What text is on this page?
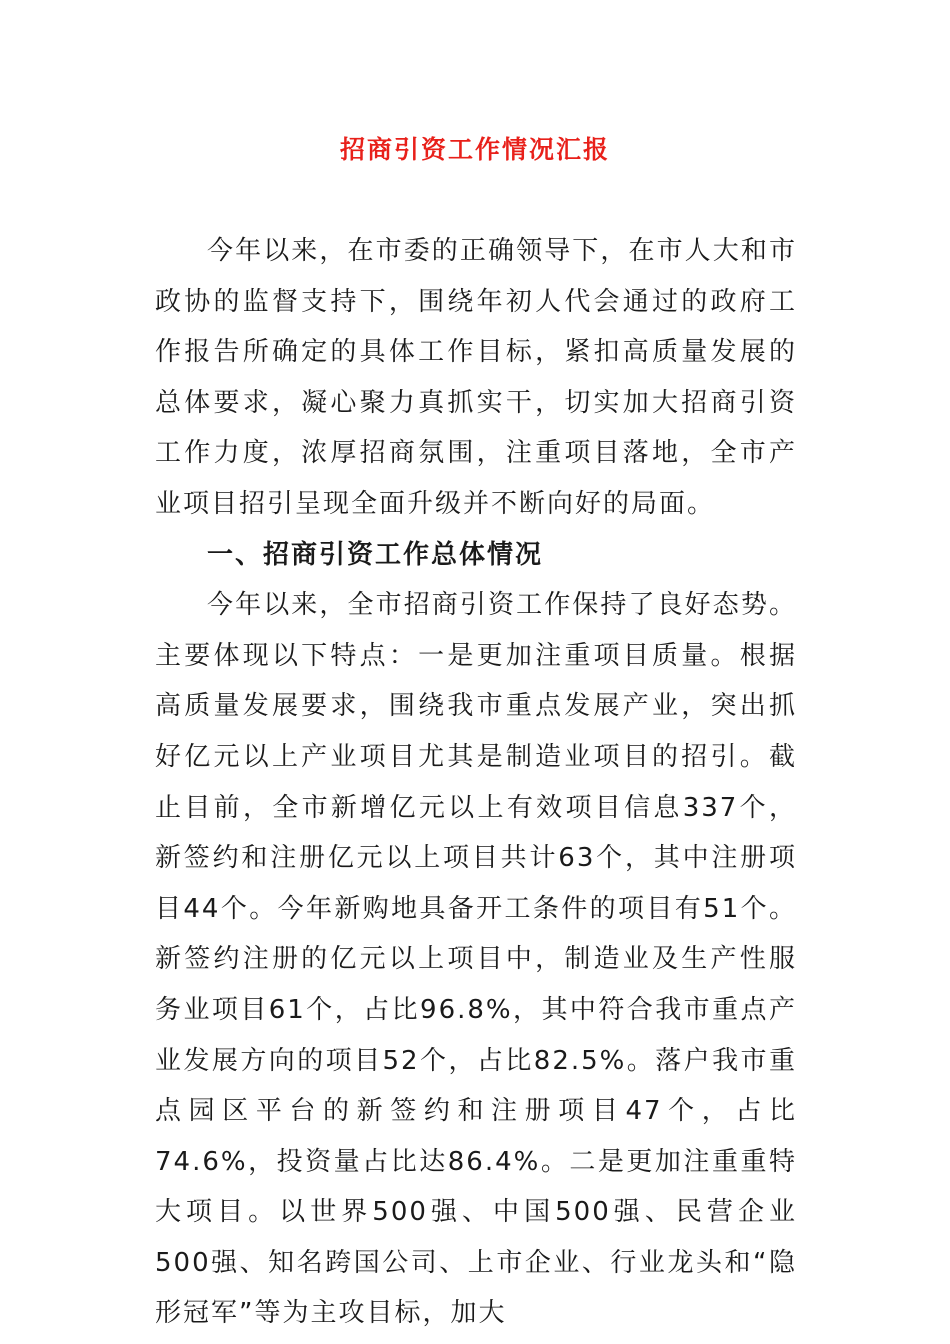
招商引资工作情况汇报

今年以来，在市委的正确领导下，在市人大和市政协的监督支持下，围绕年初人代会通过的政府工作报告所确定的具体工作目标，紧扣高质量发展的总体要求，凝心聚力真抓实干，切实加大招商引资工作力度，浓厚招商氛围，注重项目落地，全市产业项目招引呈现全面升级并不断向好的局面。

一、招商引资工作总体情况

今年以来，全市招商引资工作保持了良好态势。主要体现以下特点：一是更加注重项目质量。根据高质量发展要求，围绕我市重点发展产业，突出抓好亿元以上产业项目尤其是制造业项目的招引。截止目前，全市新增亿元以上有效项目信息337个，新签约和注册亿元以上项目共计63个，其中注册项目44个。今年新购地具备开工条件的项目有51个。新签约注册的亿元以上项目中，制造业及生产性服务业项目61个，占比96.8%，其中符合我市重点产业发展方向的项目52个，占比82.5%。落户我市重点园区平台的新签约和注册项目47个，占比74.6%，投资量占比达86.4%。二是更加注重重特大项目。以世界500强、中国500强、民营企业500强、知名跨国公司、上市企业、行业龙头和“隐形冠军”等为主攻目标，加大
